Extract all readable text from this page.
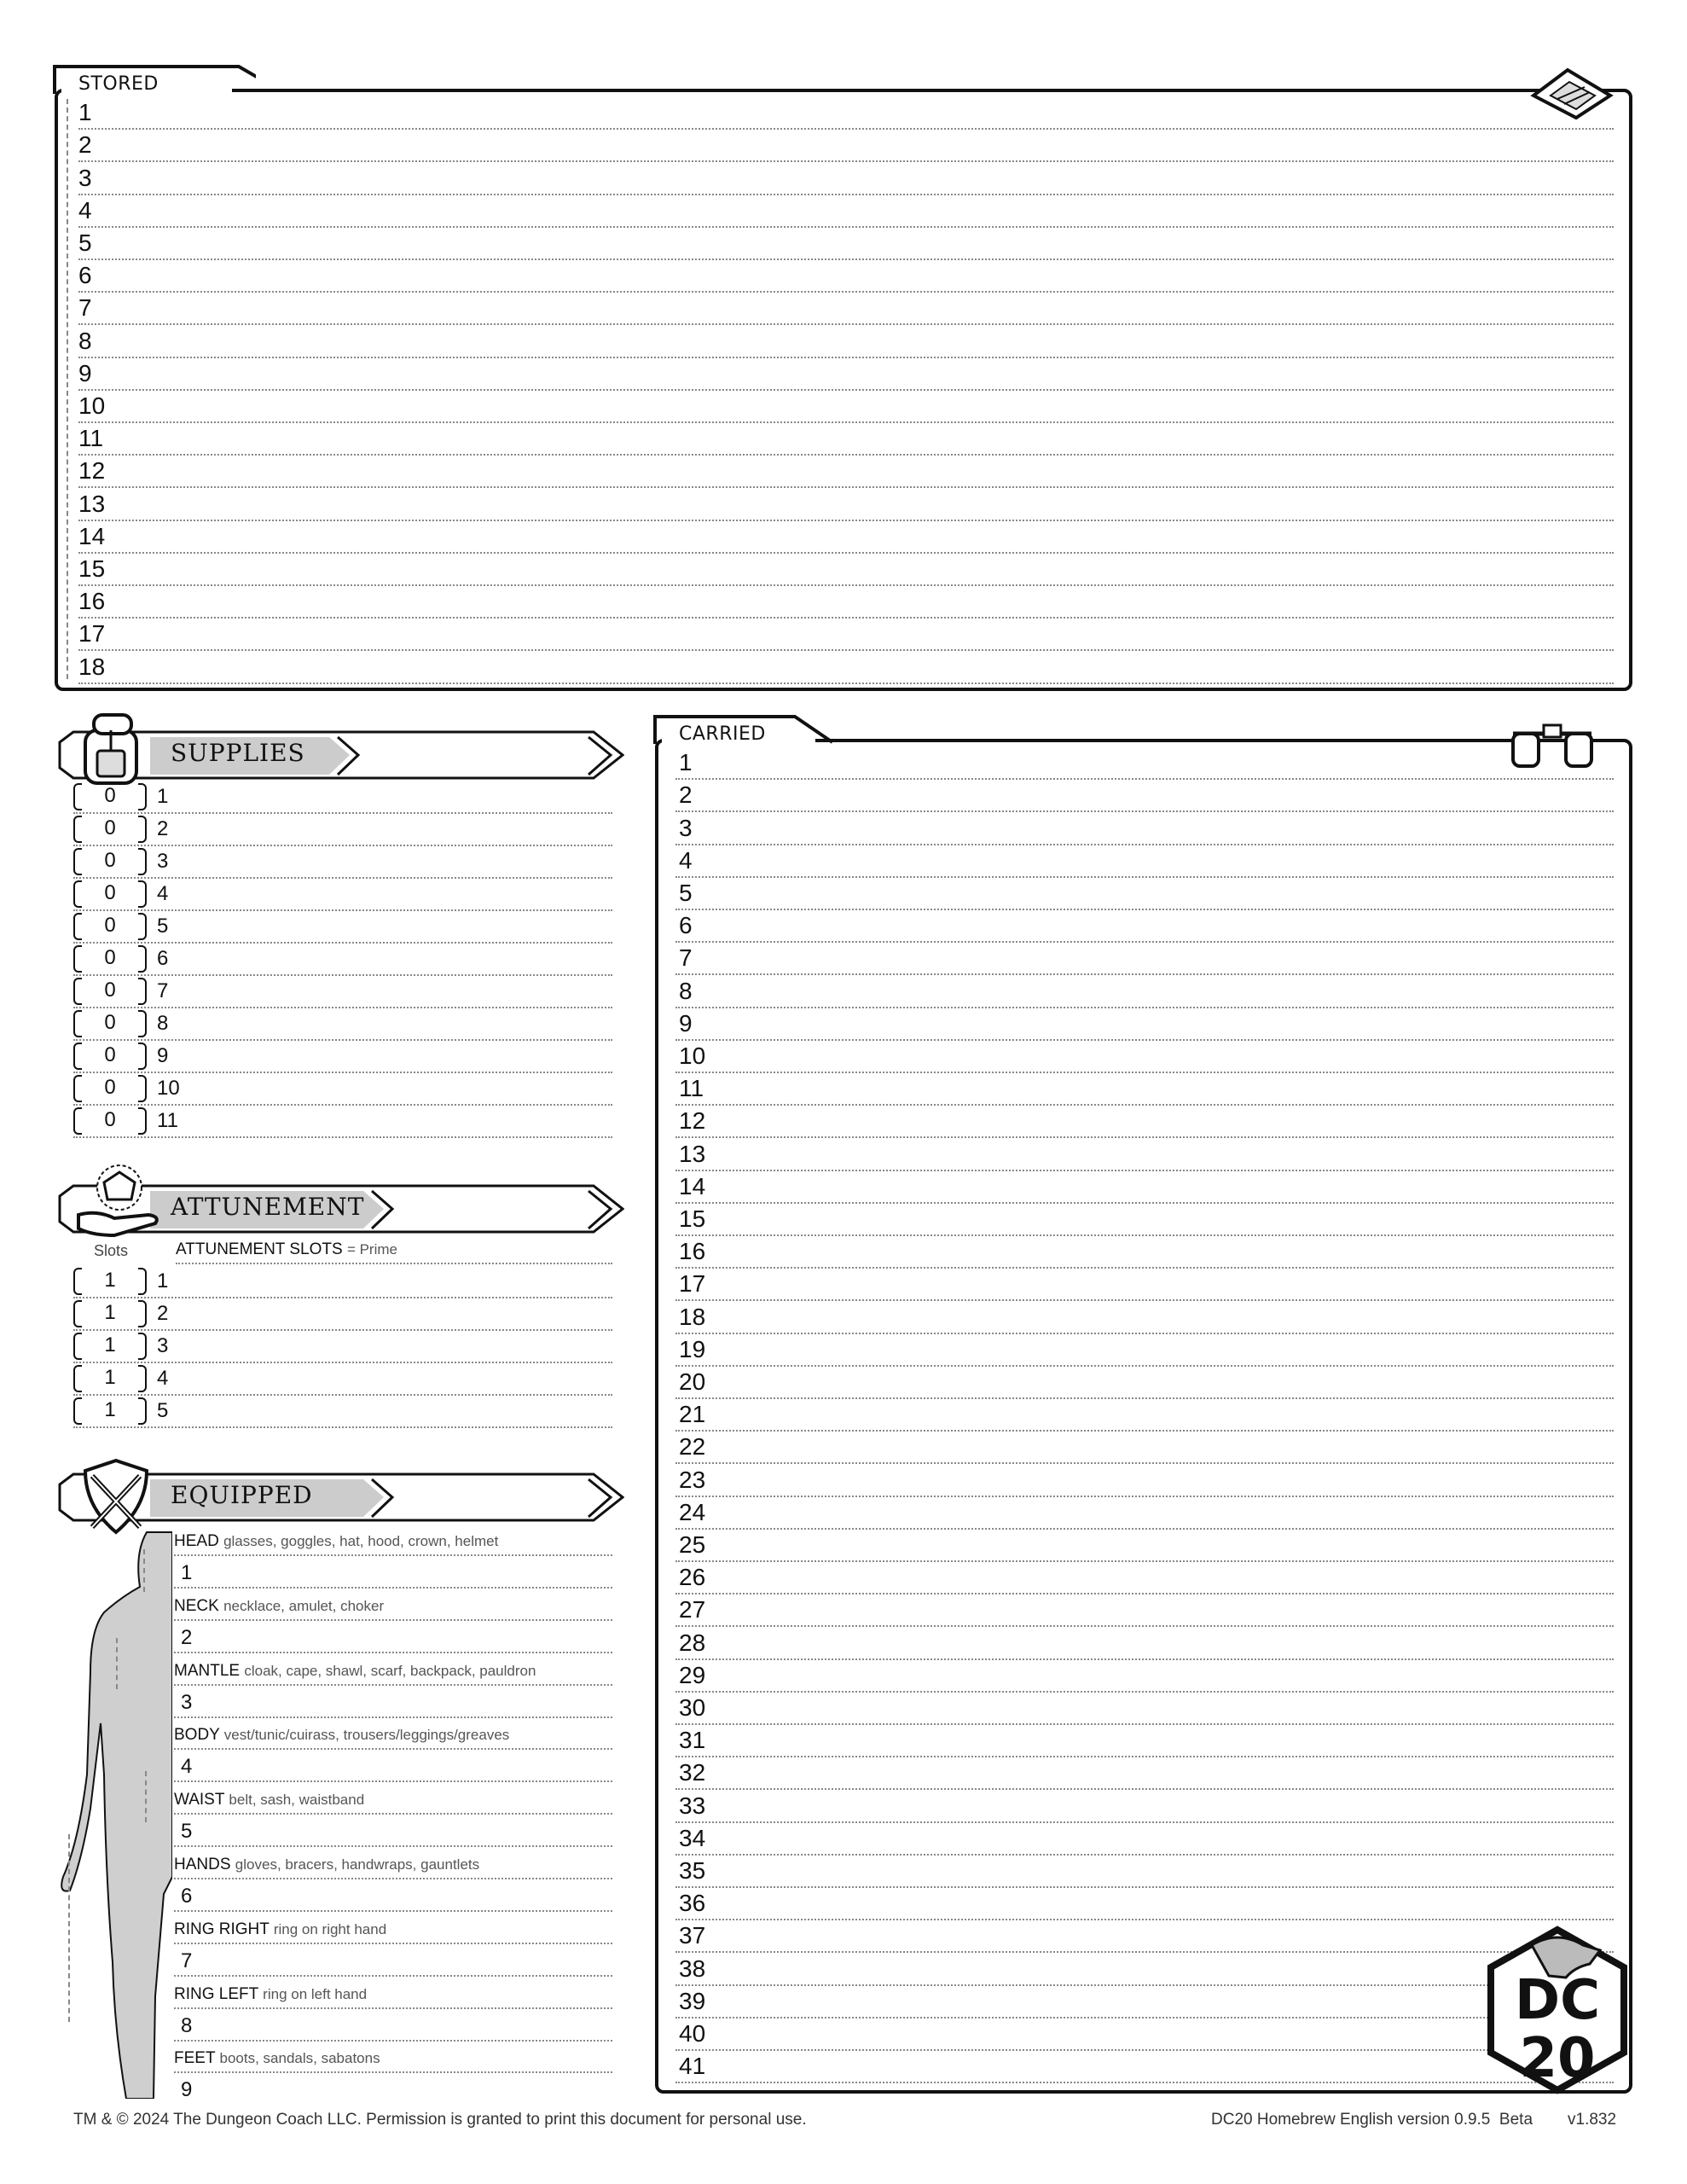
STORED
1
2
3
4
5
6
7
8
9
10
11
12
13
14
15
16
17
18
SUPPLIES
0	1
0	2
0	3
0	4
0	5
0	6
0	7
0	8
0	9
0	10
0	11
ATTUNEMENT
Slots	ATTUNEMENT SLOTS = Prime
1	1
1	2
1	3
1	4
1	5
EQUIPPED
HEAD glasses, goggles, hat, hood, crown, helmet
1
NECK necklace, amulet, choker
2
MANTLE cloak, cape, shawl, scarf, backpack, pauldron
3
BODY vest/tunic/cuirass, trousers/leggings/greaves
4
WAIST belt, sash, waistband
5
HANDS gloves, bracers, handwraps, gauntlets
6
RING RIGHT ring on right hand
7
RING LEFT ring on left hand
8
FEET boots, sandals, sabatons
9
CARRIED
1
2
3
4
5
6
7
8
9
10
11
12
13
14
15
16
17
18
19
20
21
22
23
24
25
26
27
28
29
30
31
32
33
34
35
36
37
38
39
40
41
DC
20
TM & © 2024 The Dungeon Coach LLC. Permission is granted to print this document for personal use.	DC20 Homebrew English version 0.9.5  Beta v1.832
